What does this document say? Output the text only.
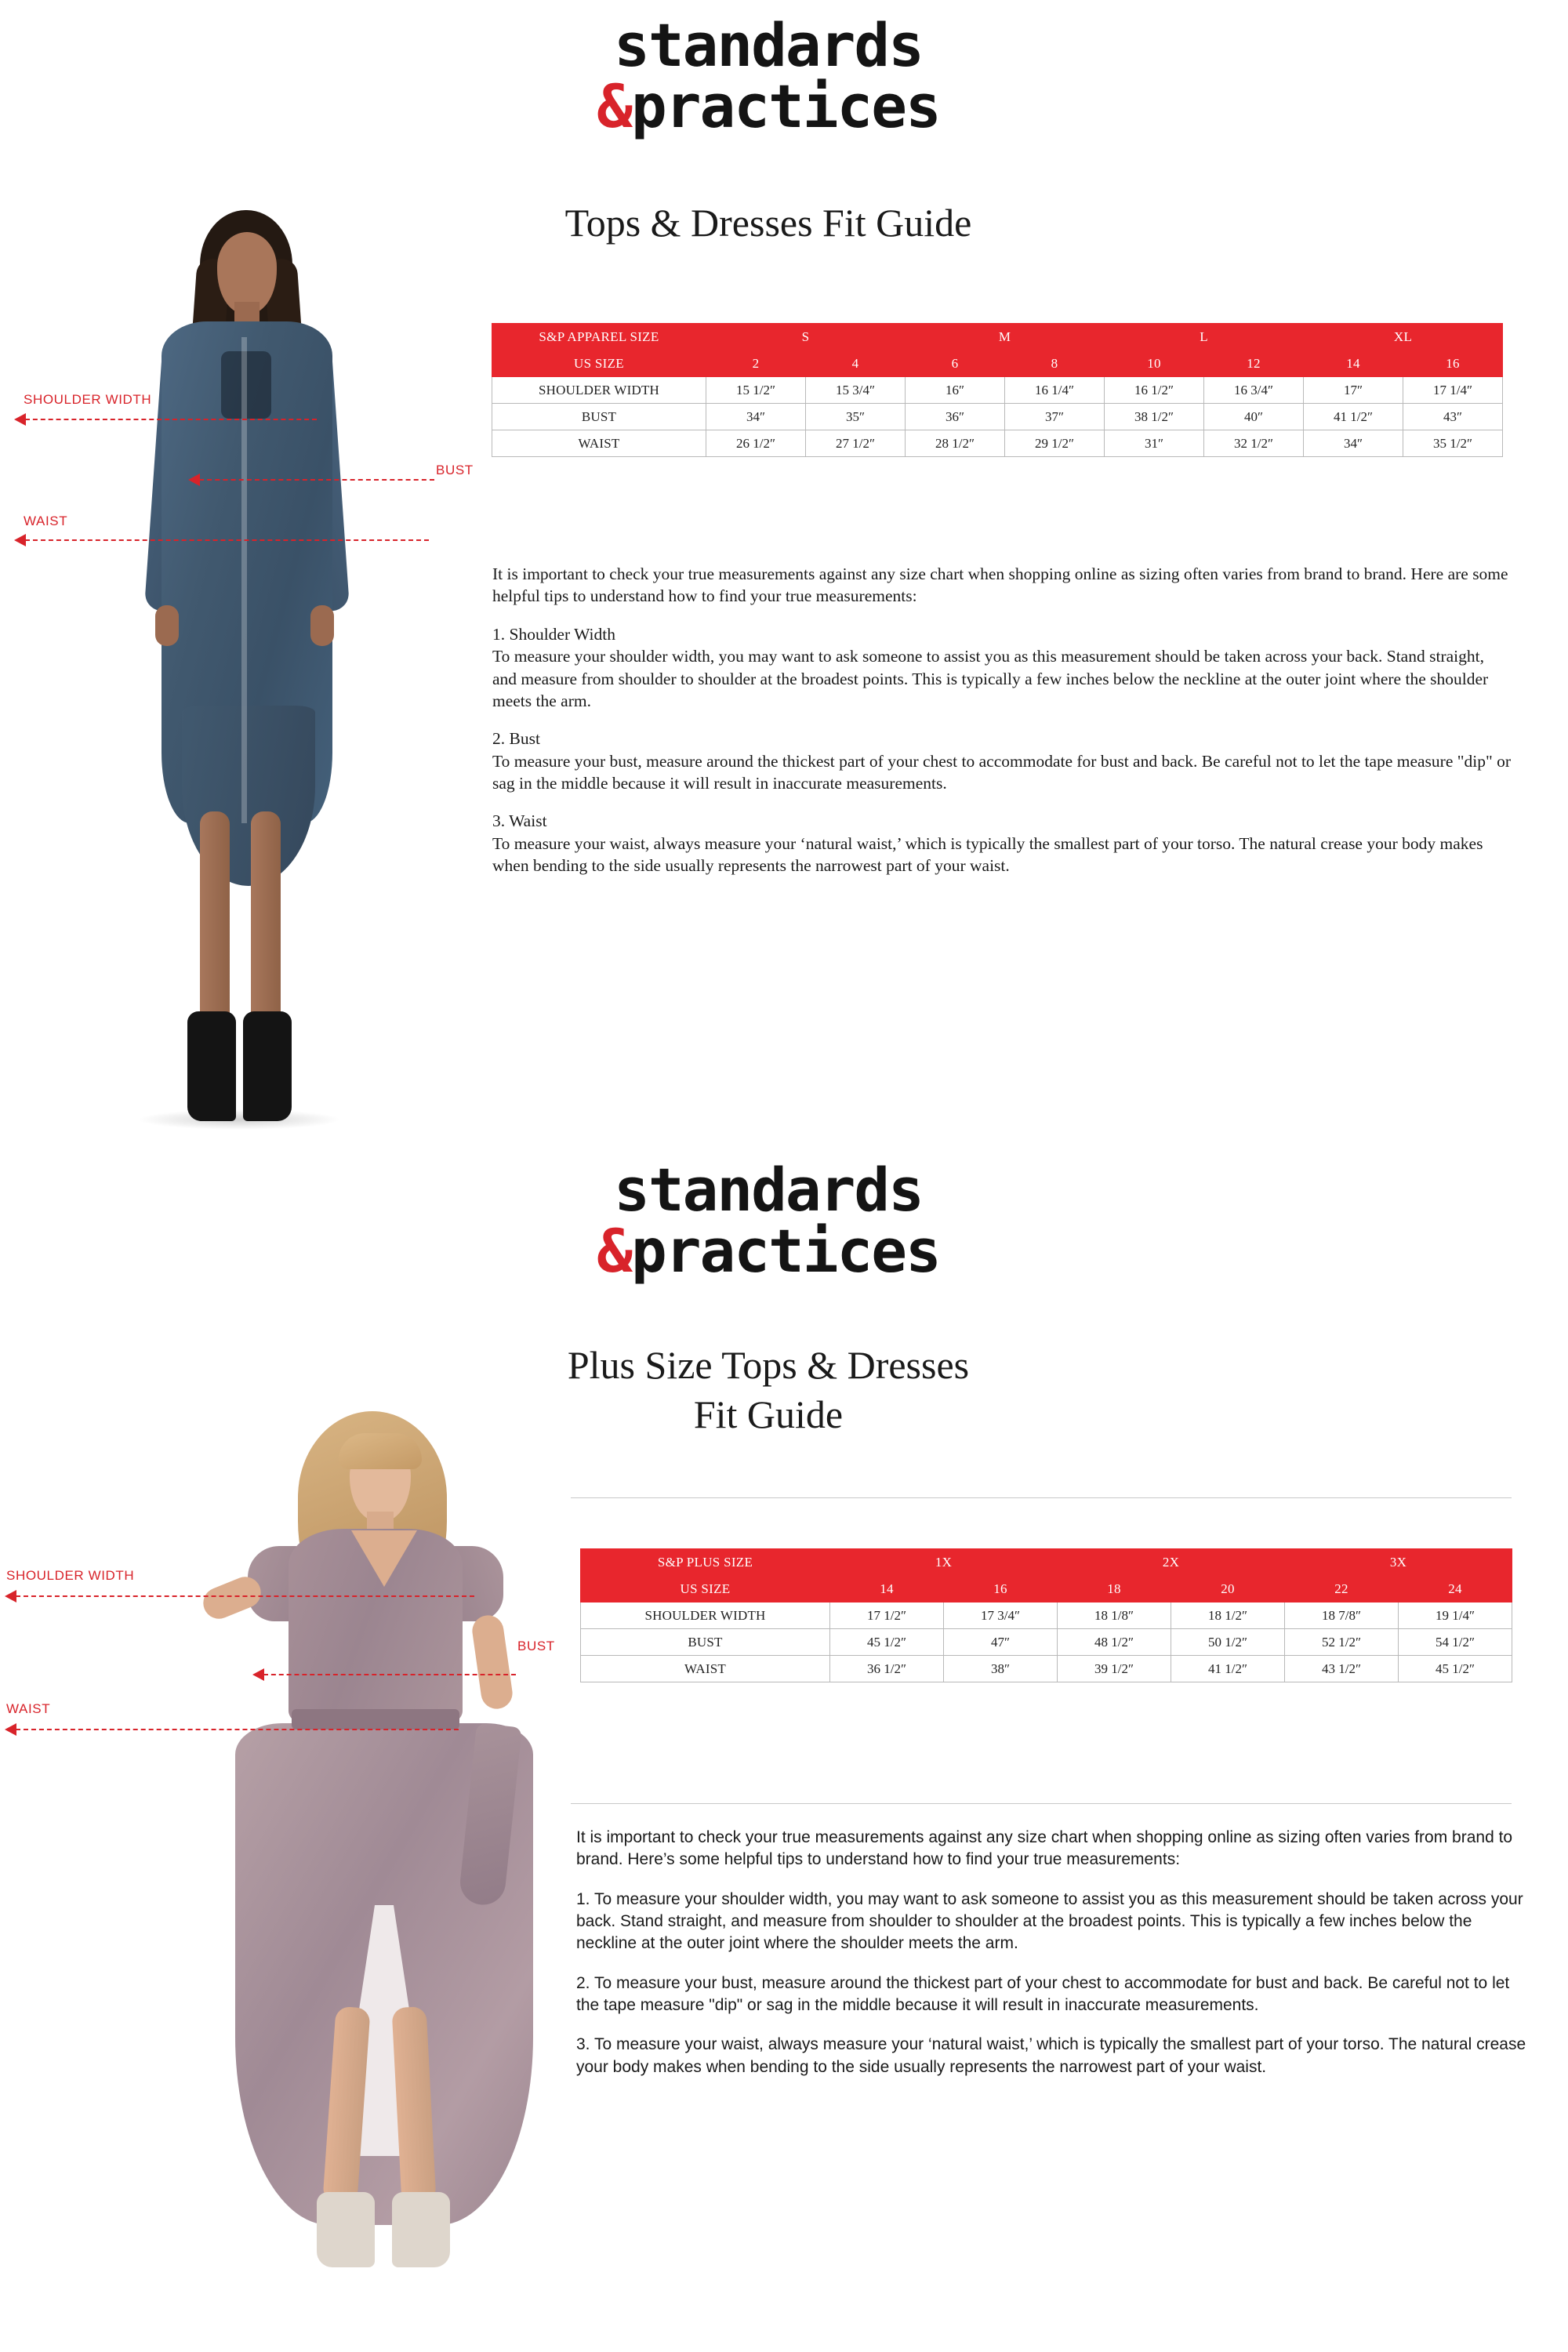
standards
&practices
Tops & Dresses Fit Guide
SHOULDER WIDTH
BUST
WAIST
S&P APPAREL SIZE	S		M		L		XL	
US SIZE	2	4	6	8	10	12	14	16
SHOULDER WIDTH	15 1/2″	15 3/4″	16″	16 1/4″	16 1/2″	16 3/4″	17″	17 1/4″
BUST	34″	35″	36″	37″	38 1/2″	40″	41 1/2″	43″
WAIST	26 1/2″	27 1/2″	28 1/2″	29 1/2″	31″	32 1/2″	34″	35 1/2″

It is important to check your true measurements against any size chart when shopping online as sizing often varies from brand to brand. Here are some helpful tips to understand how to find your true measurements:

1. Shoulder Width

To measure your shoulder width, you may want to ask someone to assist you as this measurement should be taken across your back. Stand straight, and measure from shoulder to shoulder at the broadest points. This is typically a few inches below the neckline at the outer joint where the shoulder meets the arm.

2. Bust

To measure your bust, measure around the thickest part of your chest to accommodate for bust and back. Be careful not to let the tape measure "dip" or sag in the middle because it will result in inaccurate measurements.

3. Waist

To measure your waist, always measure your ‘natural waist,’ which is typically the smallest part of your torso. The natural crease your body makes when bending to the side usually represents the narrowest part of your waist.

standards
&practices
Plus Size Tops & Dresses
Fit Guide
SHOULDER WIDTH
BUST
WAIST
S&P PLUS SIZE	1X		2X		3X	
US SIZE	14	16	18	20	22	24
SHOULDER WIDTH	17 1/2″	17 3/4″	18 1/8″	18 1/2″	18 7/8″	19 1/4″
BUST	45 1/2″	47″	48 1/2″	50 1/2″	52 1/2″	54 1/2″
WAIST	36 1/2″	38″	39 1/2″	41 1/2″	43 1/2″	45 1/2″

It is important to check your true measurements against any size chart when shopping online as sizing often varies from brand to brand. Here’s some helpful tips to understand how to find your true measurements:

1. To measure your shoulder width, you may want to ask someone to assist you as this measurement should be taken across your back. Stand straight, and measure from shoulder to shoulder at the broadest points. This is typically a few inches below the neckline at the outer joint where the shoulder meets the arm.

2. To measure your bust, measure around the thickest part of your chest to accommodate for bust and back. Be careful not to let the tape measure "dip" or sag in the middle because it will result in inaccurate measurements.

3. To measure your waist, always measure your ‘natural waist,’ which is typically the smallest part of your torso. The natural crease your body makes when bending to the side usually represents the narrowest part of your waist.
